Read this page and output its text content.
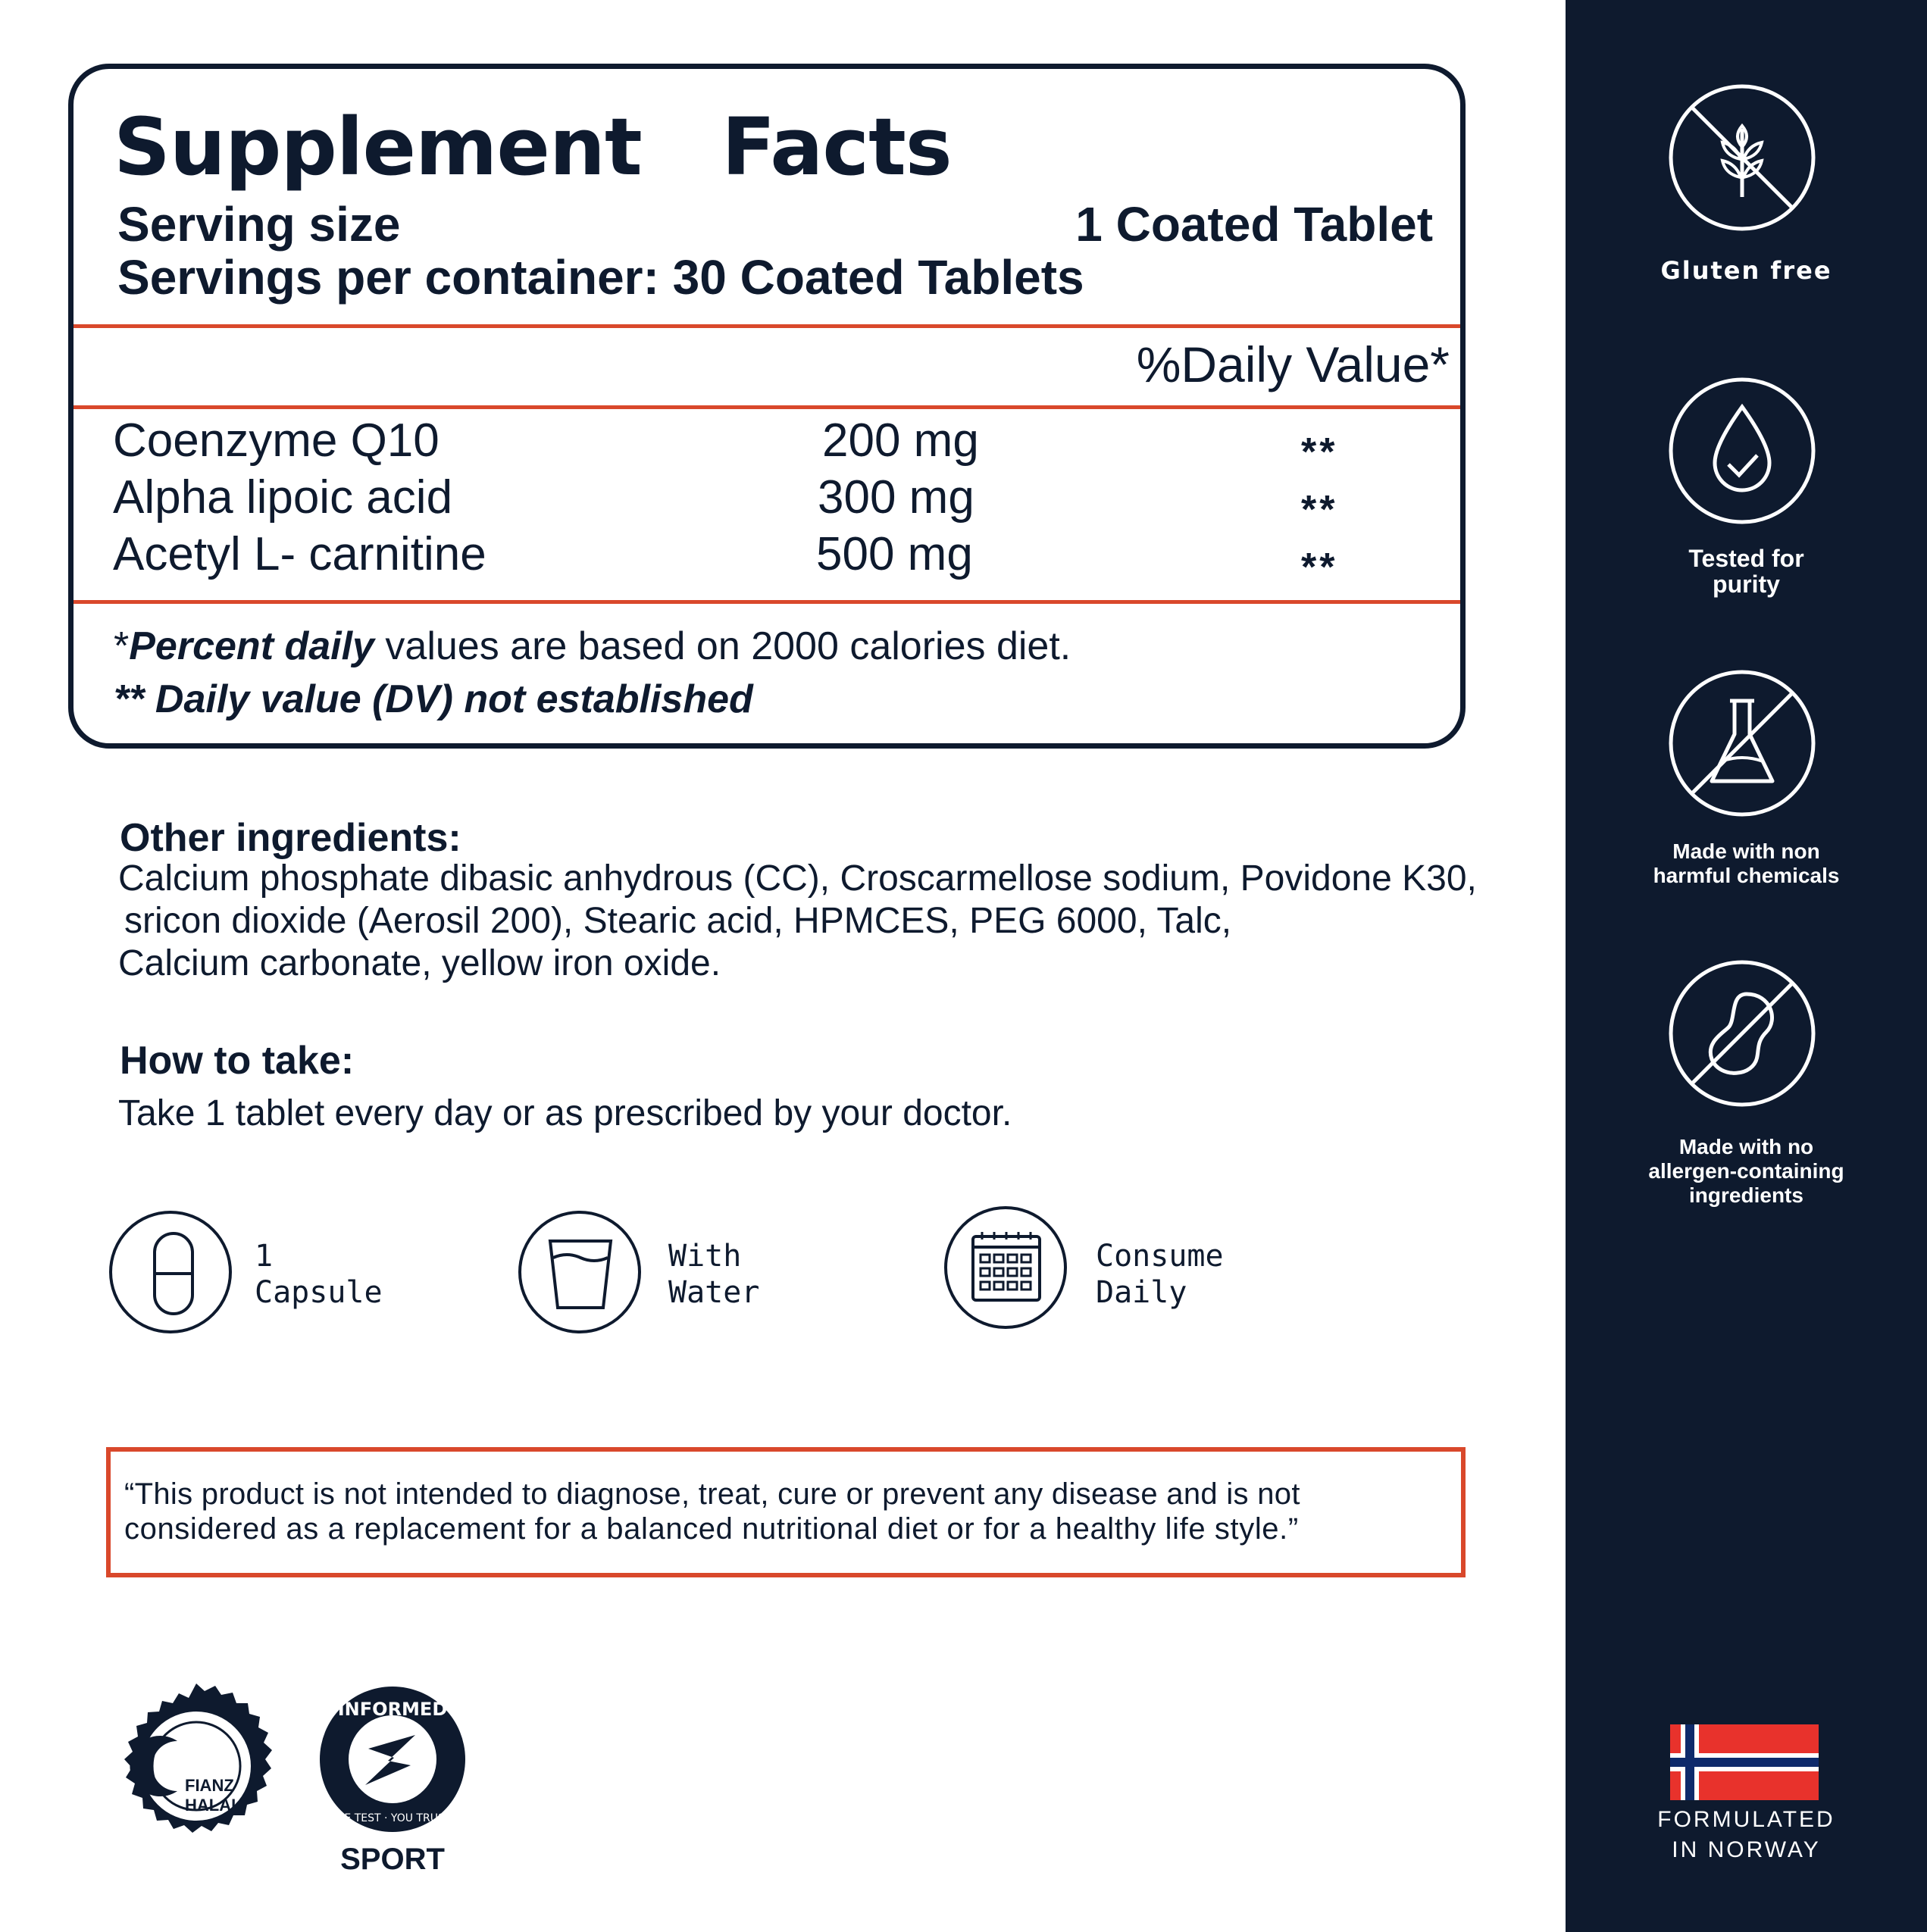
Supplement   Facts
Serving size	1 Coated Tablet
Servings per container: 30 Coated Tablets
%Daily Value*
Coenzyme Q10	200 mg	**
Alpha lipoic acid	300 mg	**
Acetyl L- carnitine	500 mg	**
*Percent daily values are based on 2000 calories diet.
** Daily value (DV) not established
Other ingredients:
Calcium phosphate dibasic anhydrous (CC), Croscarmellose sodium, Povidone K30,
sricon dioxide (Aerosil 200), Stearic acid, HPMCES, PEG 6000, Talc,
Calcium carbonate, yellow iron oxide.
How to take:
Take 1 tablet every day or as prescribed by your doctor.
1
Capsule
With
Water
Consume
Daily
“This product is not intended to diagnose, treat, cure or prevent any disease and is not
considered as a replacement for a balanced nutritional diet or for a healthy life style.”
FIANZ HALAL
INFORMED
WE TEST · YOU TRUST
SPORT
Gluten free
Tested for
purity
Made with non
harmful chemicals
Made with no
allergen-containing
ingredients
FORMULATED
IN NORWAY
